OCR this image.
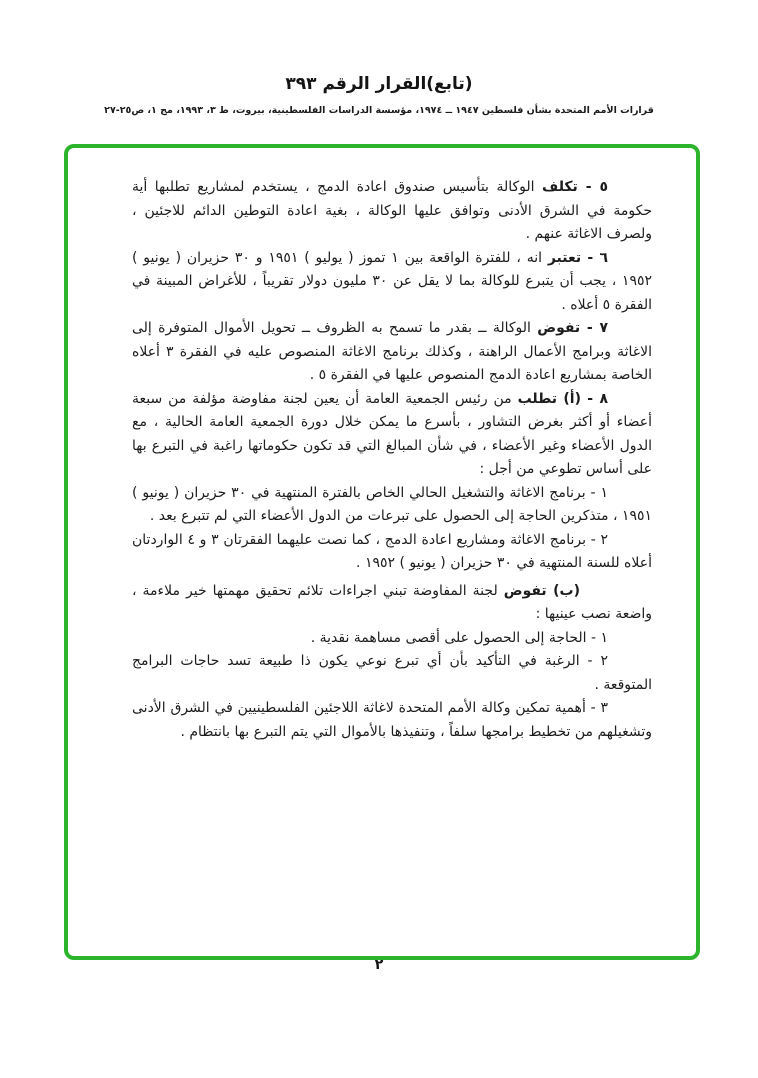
(تابع)القرار الرقم ٣٩٣
قرارات الأمم المتحدة بشأن فلسطين ١٩٤٧ ــ ١٩٧٤، مؤسسة الدراسات الفلسطينية، بيروت، ط ٣، ١٩٩٣، مج ١، ص٢٥-٢٧

٥ - تكلف الوكالة بتأسيس صندوق اعادة الدمج ، يستخدم لمشاريع تطلبها أية حكومة في الشرق الأدنى وتوافق عليها الوكالة ، بغية اعادة التوطين الدائم للاجئين ، ولصرف الاغاثة عنهم .

٦ - تعتبر انه ، للفترة الواقعة بين ١ تموز ( يوليو ) ١٩٥١ و ٣٠ حزيران ( يونيو ) ١٩٥٢ ، يجب أن يتبرع للوكالة بما لا يقل عن ٣٠ مليون دولار تقريباً ، للأغراض المبينة في الفقرة ٥ أعلاه .

٧ - تفوض الوكالة ــ بقدر ما تسمح به الظروف ــ تحويل الأموال المتوفرة إلى الاغاثة وبرامج الأعمال الراهنة ، وكذلك برنامج الاغاثة المنصوص عليه في الفقرة ٣ أعلاه الخاصة بمشاريع اعادة الدمج المنصوص عليها في الفقرة ٥ .

٨ - (أ) تطلب من رئيس الجمعية العامة أن يعين لجنة مفاوضة مؤلفة من سبعة أعضاء أو أكثر بغرض التشاور ، بأسرع ما يمكن خلال دورة الجمعية العامة الحالية ، مع الدول الأعضاء وغير الأعضاء ، في شأن المبالغ التي قد تكون حكوماتها راغبة في التبرع بها على أساس تطوعي من أجل :

١ - برنامج الاغاثة والتشغيل الحالي الخاص بالفترة المنتهية في ٣٠ حزيران ( يونيو ) ١٩٥١ ، متذكرين الحاجة إلى الحصول على تبرعات من الدول الأعضاء التي لم تتبرع بعد .

٢ - برنامج الاغاثة ومشاريع اعادة الدمج ، كما نصت عليهما الفقرتان ٣ و ٤ الواردتان أعلاه للسنة المنتهية في ٣٠ حزيران ( يونيو ) ١٩٥٢ .

(ب) تفوض لجنة المفاوضة تبني اجراءات تلائم تحقيق مهمتها خير ملاءمة ، واضعة نصب عينيها :

١ - الحاجة إلى الحصول على أقصى مساهمة نقدية .

٢ - الرغبة في التأكيد بأن أي تبرع نوعي يكون ذا طبيعة تسد حاجات البرامج المتوقعة .

٣ - أهمية تمكين وكالة الأمم المتحدة لاغاثة اللاجئين الفلسطينيين في الشرق الأدنى وتشغيلهم من تخطيط برامجها سلفاً ، وتنفيذها بالأموال التي يتم التبرع بها بانتظام .

٢
